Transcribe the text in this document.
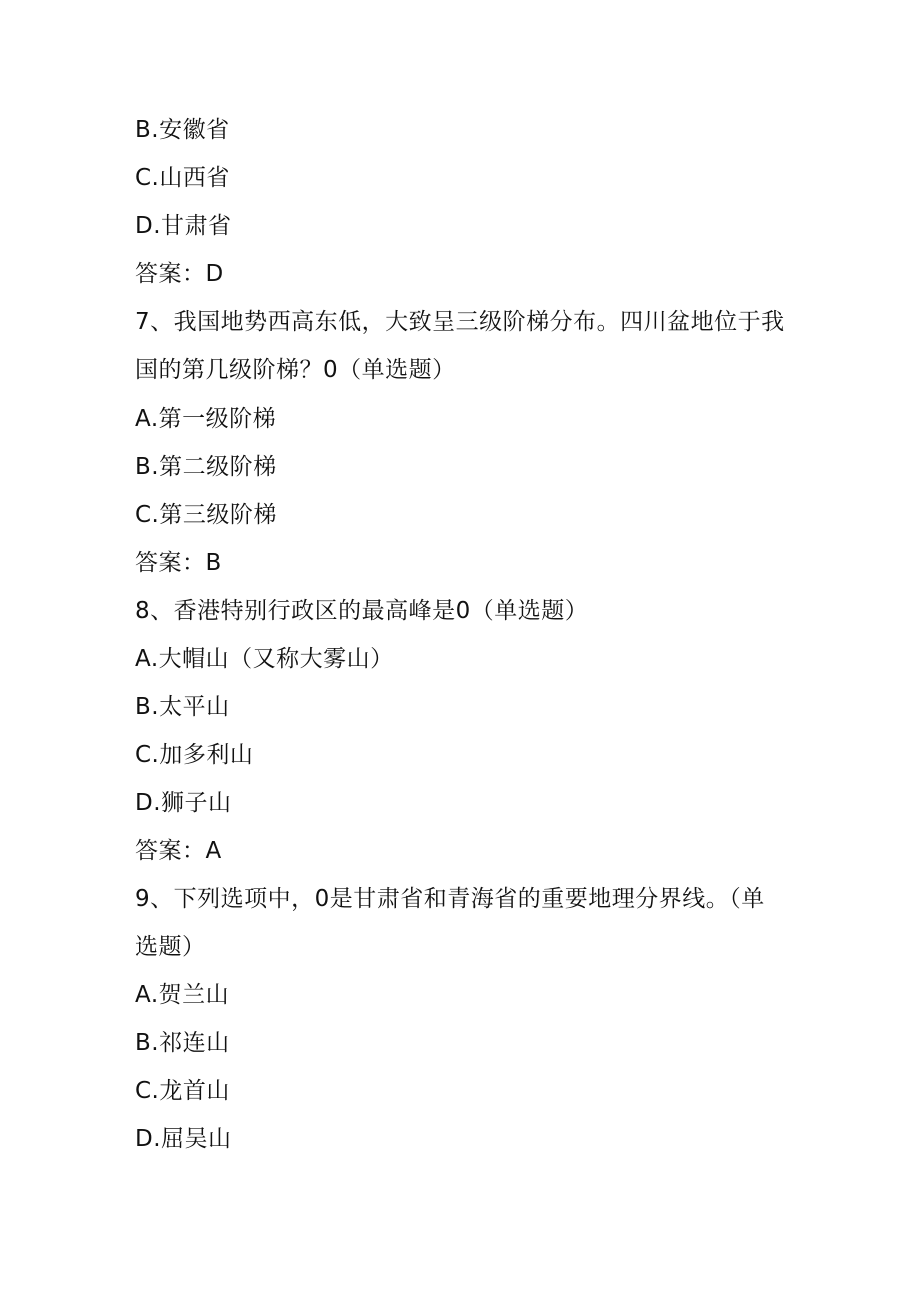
B.安徽省
C.山西省
D.甘肃省
答案：D
7、我国地势西高东低，大致呈三级阶梯分布。四川盆地位于我
国的第几级阶梯？0（单选题）
A.第一级阶梯
B.第二级阶梯
C.第三级阶梯
答案：B
8、香港特别行政区的最高峰是0（单选题）
A.大帽山（又称大雾山）
B.太平山
C.加多利山
D.狮子山
答案：A
9、下列选项中，0是甘肃省和青海省的重要地理分界线。（单
选题）
A.贺兰山
B.祁连山
C.龙首山
D.屈吴山
